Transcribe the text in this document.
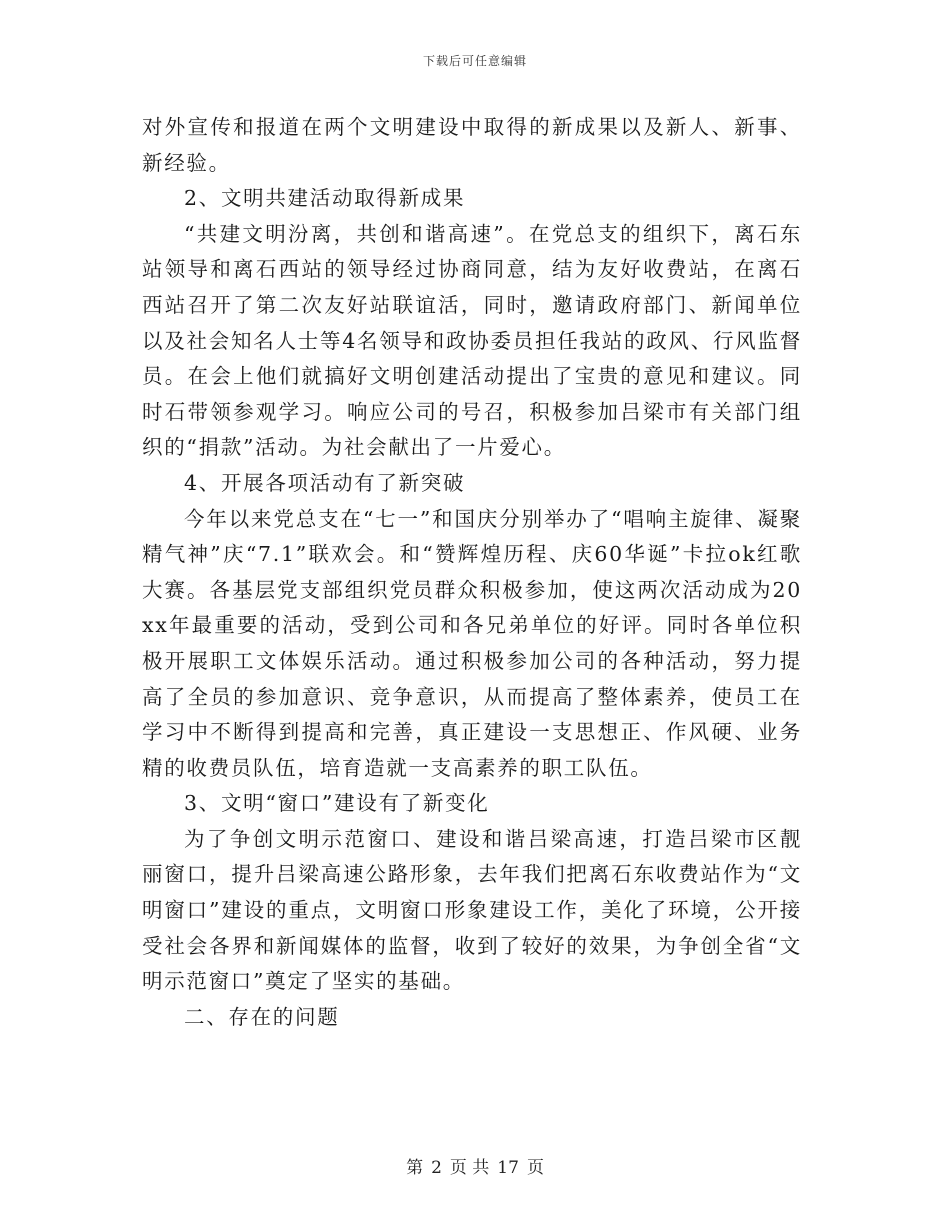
下载后可任意编辑

对外宣传和报道在两个文明建设中取得的新成果以及新人、新事、新经验。

2、文明共建活动取得新成果

“共建文明汾离，共创和谐高速”。在党总支的组织下，离石东站领导和离石西站的领导经过协商同意，结为友好收费站，在离石西站召开了第二次友好站联谊活，同时，邀请政府部门、新闻单位以及社会知名人士等4名领导和政协委员担任我站的政风、行风监督员。在会上他们就搞好文明创建活动提出了宝贵的意见和建议。同时石带领参观学习。响应公司的号召，积极参加吕梁市有关部门组织的“捐款”活动。为社会献出了一片爱心。

4、开展各项活动有了新突破

今年以来党总支在“七一”和国庆分别举办了“唱响主旋律、凝聚精气神”庆“7.1”联欢会。和“赞辉煌历程、庆60华诞”卡拉ok红歌大赛。各基层党支部组织党员群众积极参加，使这两次活动成为20xx年最重要的活动，受到公司和各兄弟单位的好评。同时各单位积极开展职工文体娱乐活动。通过积极参加公司的各种活动，努力提高了全员的参加意识、竞争意识，从而提高了整体素养，使员工在学习中不断得到提高和完善，真正建设一支思想正、作风硬、业务精的收费员队伍，培育造就一支高素养的职工队伍。

3、文明“窗口”建设有了新变化

为了争创文明示范窗口、建设和谐吕梁高速，打造吕梁市区靓丽窗口，提升吕梁高速公路形象，去年我们把离石东收费站作为“文明窗口”建设的重点，文明窗口形象建设工作，美化了环境，公开接受社会各界和新闻媒体的监督，收到了较好的效果，为争创全省“文明示范窗口”奠定了坚实的基础。

二、存在的问题

第 2 页 共 17 页
